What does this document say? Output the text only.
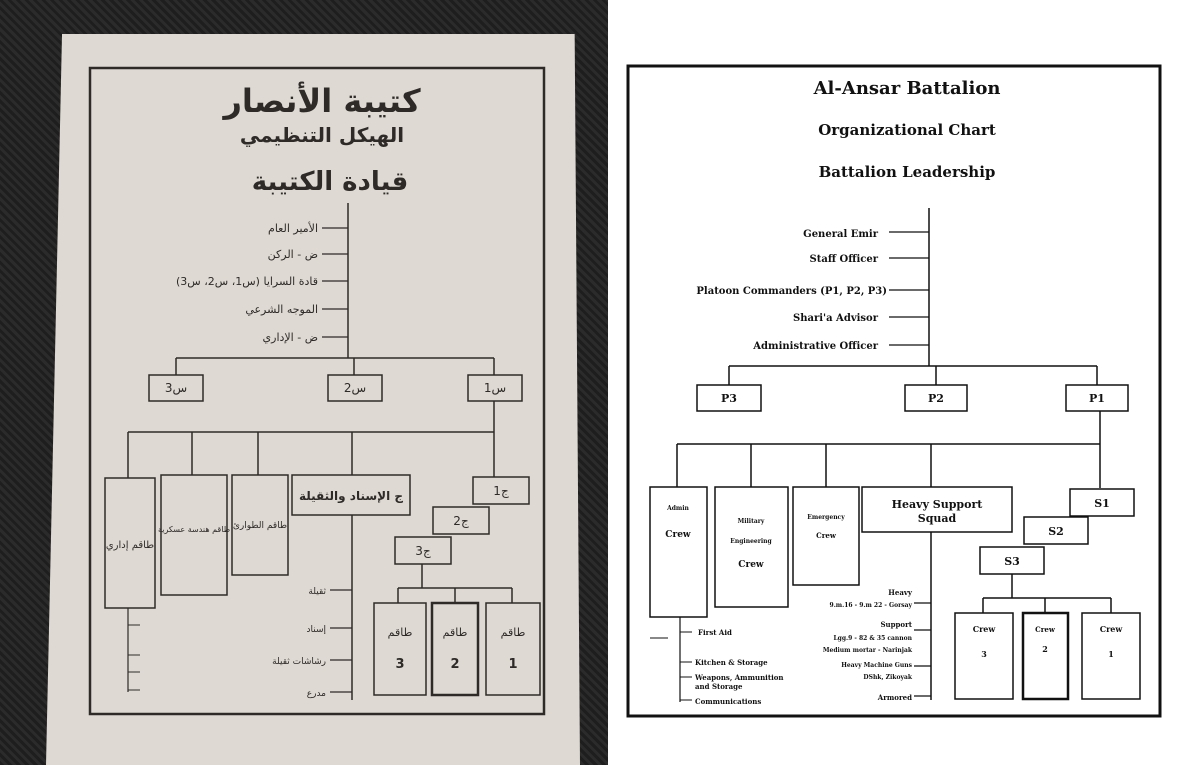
كتيبة الأنصار
الهيكل التنظيمي
قيادة الكتيبة
الأمير العام
ض - الركن
قادة السرايا (س1، س2، س3)
الموجه الشرعي
ض - الإداري
س1
س2
س3
ج1
ج2
ج3
طاقم إداري
طاقم هندسة عسكرية طاقم الطوارئ
ج الإسناد والثقيلة
ثقيلة
إسناد
رشاشات ثقيلة
مدرع
طاقم
3
طاقم
2
طاقم
1
Al-Ansar Battalion
Organizational Chart
Battalion Leadership
General Emir
Staff Officer
Platoon Commanders (P1, P2, P3)
Shari'a Advisor
Administrative Officer
P3	P2	P1
S1
S2
S3
Admin
Crew
Military
Engineering
Crew
Emergency
Crew
Heavy Support
Squad
First Aid
Kitchen & Storage
Weapons, Ammunition
and Storage
Communications
Heavy
9.m.16 - 9.m 22 - Gorsay
Support
Lgg.9 - 82 & 35 cannon
Medium mortar - Narinjak
Heavy Machine Guns
DShk, Zikoyak
Armored
Crew
3
Crew
2
Crew
1
